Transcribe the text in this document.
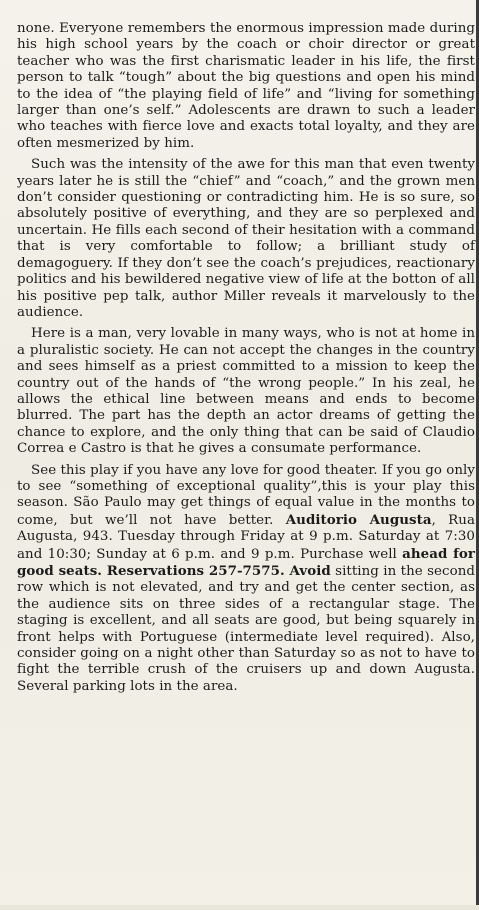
none. Everyone remembers the enormous impression made during his high school years by the coach or choir director or great teacher who was the first charismatic leader in his life, the first person to talk “tough” about the big questions and open his mind to the idea of “the playing field of life” and “living for something larger than one’s self.” Adolescents are drawn to such a leader who teaches with fierce love and exacts total loyalty, and they are often mesmerized by him.

Such was the intensity of the awe for this man that even twenty years later he is still the “chief” and “coach,” and the grown men don’t consider questioning or contradicting him. He is so sure, so absolutely positive of everything, and they are so perplexed and uncertain. He fills each second of their hesitation with a command that is very comfortable to follow; a brilliant study of demagoguery. If they don’t see the coach’s prejudices, reactionary politics and his bewildered negative view of life at the botton of all his positive pep talk, author Miller reveals it marvelously to the audience.

Here is a man, very lovable in many ways, who is not at home in a pluralistic society. He can not accept the changes in the country and sees himself as a priest committed to a mission to keep the country out of the hands of “the wrong people.” In his zeal, he allows the ethical line between means and ends to become blurred. The part has the depth an actor dreams of getting the chance to explore, and the only thing that can be said of Claudio Correa e Castro is that he gives a consumate performance.

See this play if you have any love for good theater. If you go only to see “something of exceptional quality”,this is your play this season. São Paulo may get things of equal value in the months to come, but we’ll not have better. Auditorio Augusta, Rua Augusta, 943. Tuesday through Friday at 9 p.m. Saturday at 7:30 and 10:30; Sunday at 6 p.m. and 9 p.m. Purchase well ahead for good seats. Reservations 257-7575. Avoid sitting in the second row which is not elevated, and try and get the center section, as the audience sits on three sides of a rectangular stage. The staging is excellent, and all seats are good, but being squarely in front helps with Portuguese (intermediate level required). Also, consider going on a night other than Saturday so as not to have to fight the terrible crush of the cruisers up and down Augusta. Several parking lots in the area.
